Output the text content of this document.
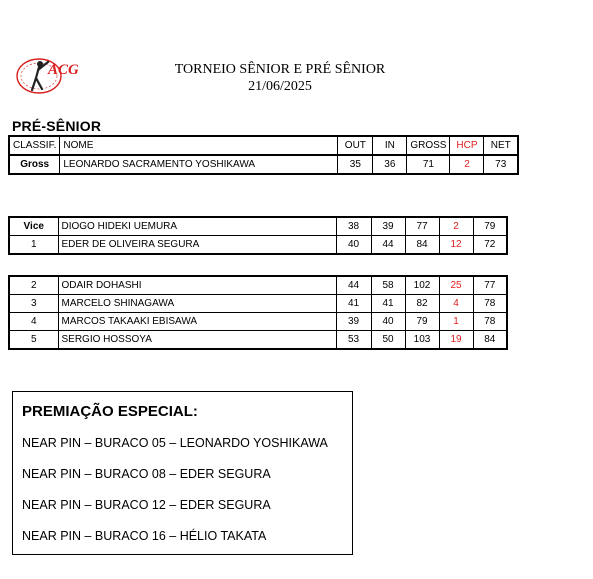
ACG	TORNEIO SÊNIOR E PRÉ SÊNIOR
21/06/2025
PRÉ-SÊNIOR
CLASSIF.	NOME	OUT	IN	GROSS	HCP	NET
Gross	LEONARDO SACRAMENTO YOSHIKAWA	35	36	71	2	73
Vice	DIOGO HIDEKI UEMURA	38	39	77	2	79
1	EDER DE OLIVEIRA SEGURA	40	44	84	12	72
2	ODAIR DOHASHI	44	58	102	25	77
3	MARCELO SHINAGAWA	41	41	82	4	78
4	MARCOS TAKAAKI EBISAWA	39	40	79	1	78
5	SERGIO HOSSOYA	53	50	103	19	84
PREMIAÇÃO ESPECIAL:
NEAR PIN – BURACO 05 – LEONARDO YOSHIKAWA
NEAR PIN – BURACO 08 – EDER SEGURA
NEAR PIN – BURACO 12 – EDER SEGURA
NEAR PIN – BURACO 16 – HÉLIO TAKATA
